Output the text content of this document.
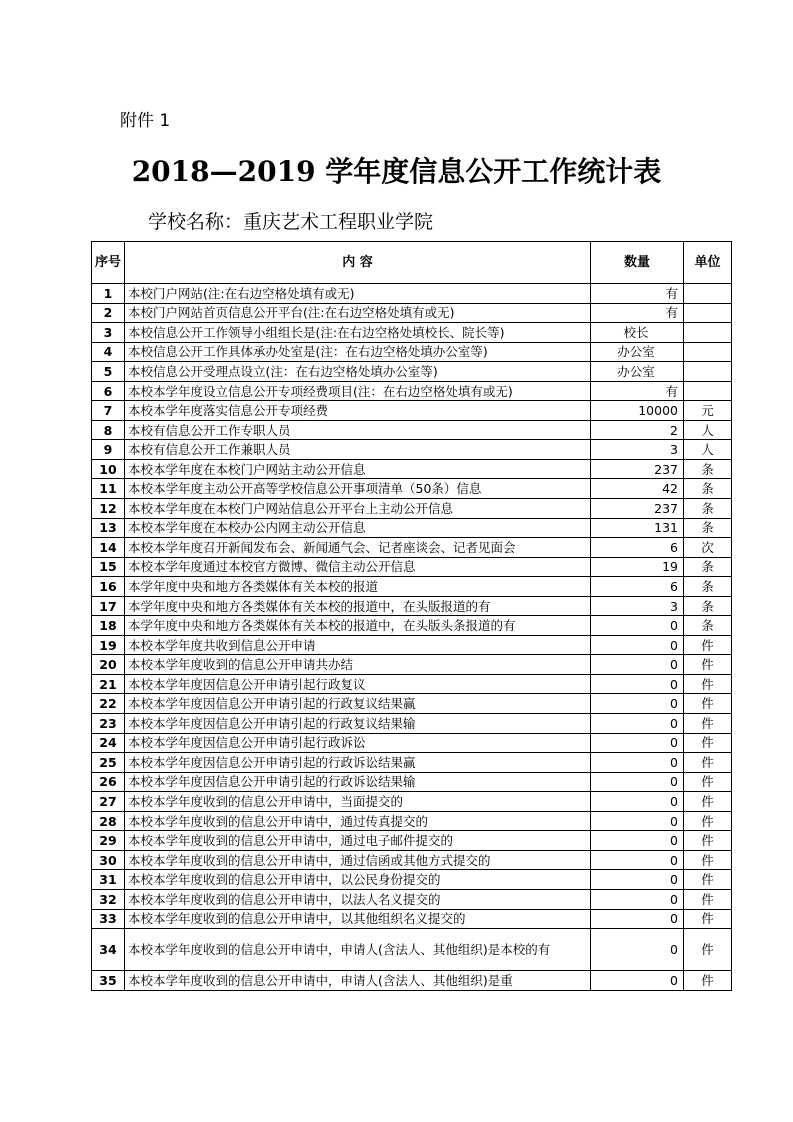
附件 1
2018—2019 学年度信息公开工作统计表
学校名称：重庆艺术工程职业学院
序号	内 容	数量	单位
1	本校门户网站(注:在右边空格处填有或无)	有	
2	本校门户网站首页信息公开平台(注:在右边空格处填有或无)	有	
3	本校信息公开工作领导小组组长是(注:在右边空格处填校长、院长等)	校长	
4	本校信息公开工作具体承办处室是(注：在右边空格处填办公室等)	办公室	
5	本校信息公开受理点设立(注：在右边空格处填办公室等)	办公室	
6	本校本学年度设立信息公开专项经费项目(注：在右边空格处填有或无)	有	
7	本校本学年度落实信息公开专项经费	10000	元
8	本校有信息公开工作专职人员	2	人
9	本校有信息公开工作兼职人员	3	人
10	本校本学年度在本校门户网站主动公开信息	237	条
11	本校本学年度主动公开高等学校信息公开事项清单（50条）信息	42	条
12	本校本学年度在本校门户网站信息公开平台上主动公开信息	237	条
13	本校本学年度在本校办公内网主动公开信息	131	条
14	本校本学年度召开新闻发布会、新闻通气会、记者座谈会、记者见面会	6	次
15	本校本学年度通过本校官方微博、微信主动公开信息	19	条
16	本学年度中央和地方各类媒体有关本校的报道	6	条
17	本学年度中央和地方各类媒体有关本校的报道中，在头版报道的有	3	条
18	本学年度中央和地方各类媒体有关本校的报道中，在头版头条报道的有	0	条
19	本校本学年度共收到信息公开申请	0	件
20	本校本学年度收到的信息公开申请共办结	0	件
21	本校本学年度因信息公开申请引起行政复议	0	件
22	本校本学年度因信息公开申请引起的行政复议结果赢	0	件
23	本校本学年度因信息公开申请引起的行政复议结果输	0	件
24	本校本学年度因信息公开申请引起行政诉讼	0	件
25	本校本学年度因信息公开申请引起的行政诉讼结果赢	0	件
26	本校本学年度因信息公开申请引起的行政诉讼结果输	0	件
27	本校本学年度收到的信息公开申请中，当面提交的	0	件
28	本校本学年度收到的信息公开申请中，通过传真提交的	0	件
29	本校本学年度收到的信息公开申请中，通过电子邮件提交的	0	件
30	本校本学年度收到的信息公开申请中，通过信函或其他方式提交的	0	件
31	本校本学年度收到的信息公开申请中，以公民身份提交的	0	件
32	本校本学年度收到的信息公开申请中，以法人名义提交的	0	件
33	本校本学年度收到的信息公开申请中，以其他组织名义提交的	0	件
34	本校本学年度收到的信息公开申请中，申请人(含法人、其他组织)是本校的有	0	件
35	本校本学年度收到的信息公开申请中，申请人(含法人、其他组织)是重	0	件
